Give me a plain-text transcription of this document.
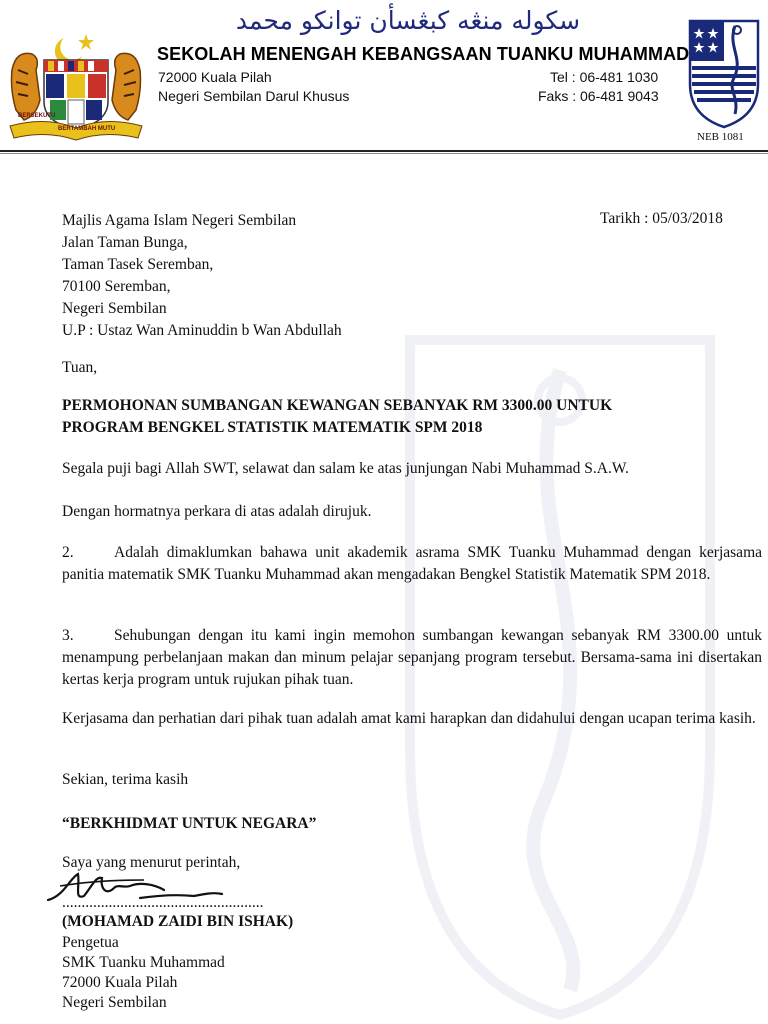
BERSEKUTU
BERTAMBAH MUTU
سكوله منڠه كبڠسأن توانكو محمد
SEKOLAH MENENGAH KEBANGSAAN TUANKU MUHAMMAD
72000 Kuala Pilah
Negeri Sembilan Darul Khusus
Tel : 06-481 1030
Faks : 06-481 9043
NEB 1081
Tarikh : 05/03/2018
Majlis Agama Islam Negeri Sembilan
Jalan Taman Bunga,
Taman Tasek Seremban,
70100 Seremban,
Negeri Sembilan
U.P : Ustaz Wan Aminuddin b Wan Abdullah
Tuan,
PERMOHONAN SUMBANGAN KEWANGAN SEBANYAK RM 3300.00 UNTUK
PROGRAM BENGKEL STATISTIK MATEMATIK SPM 2018
Segala puji bagi Allah SWT, selawat dan salam ke atas junjungan Nabi Muhammad S.A.W.
Dengan hormatnya perkara di atas adalah dirujuk.
2.	Adalah dimaklumkan bahawa unit akademik asrama SMK Tuanku Muhammad dengan kerjasama panitia matematik SMK Tuanku Muhammad akan mengadakan Bengkel Statistik Matematik SPM 2018.
3.	Sehubungan dengan itu kami ingin memohon sumbangan kewangan sebanyak RM 3300.00 untuk menampung perbelanjaan makan dan minum pelajar sepanjang program tersebut. Bersama-sama ini disertakan kertas kerja program untuk rujukan pihak tuan.
Kerjasama dan perhatian dari pihak tuan adalah amat kami harapkan dan didahului dengan ucapan terima kasih.
Sekian, terima kasih
“BERKHIDMAT UNTUK NEGARA”
Saya yang menurut perintah,
....................................................
(MOHAMAD ZAIDI BIN ISHAK)
Pengetua
SMK Tuanku Muhammad
72000 Kuala Pilah
Negeri Sembilan
